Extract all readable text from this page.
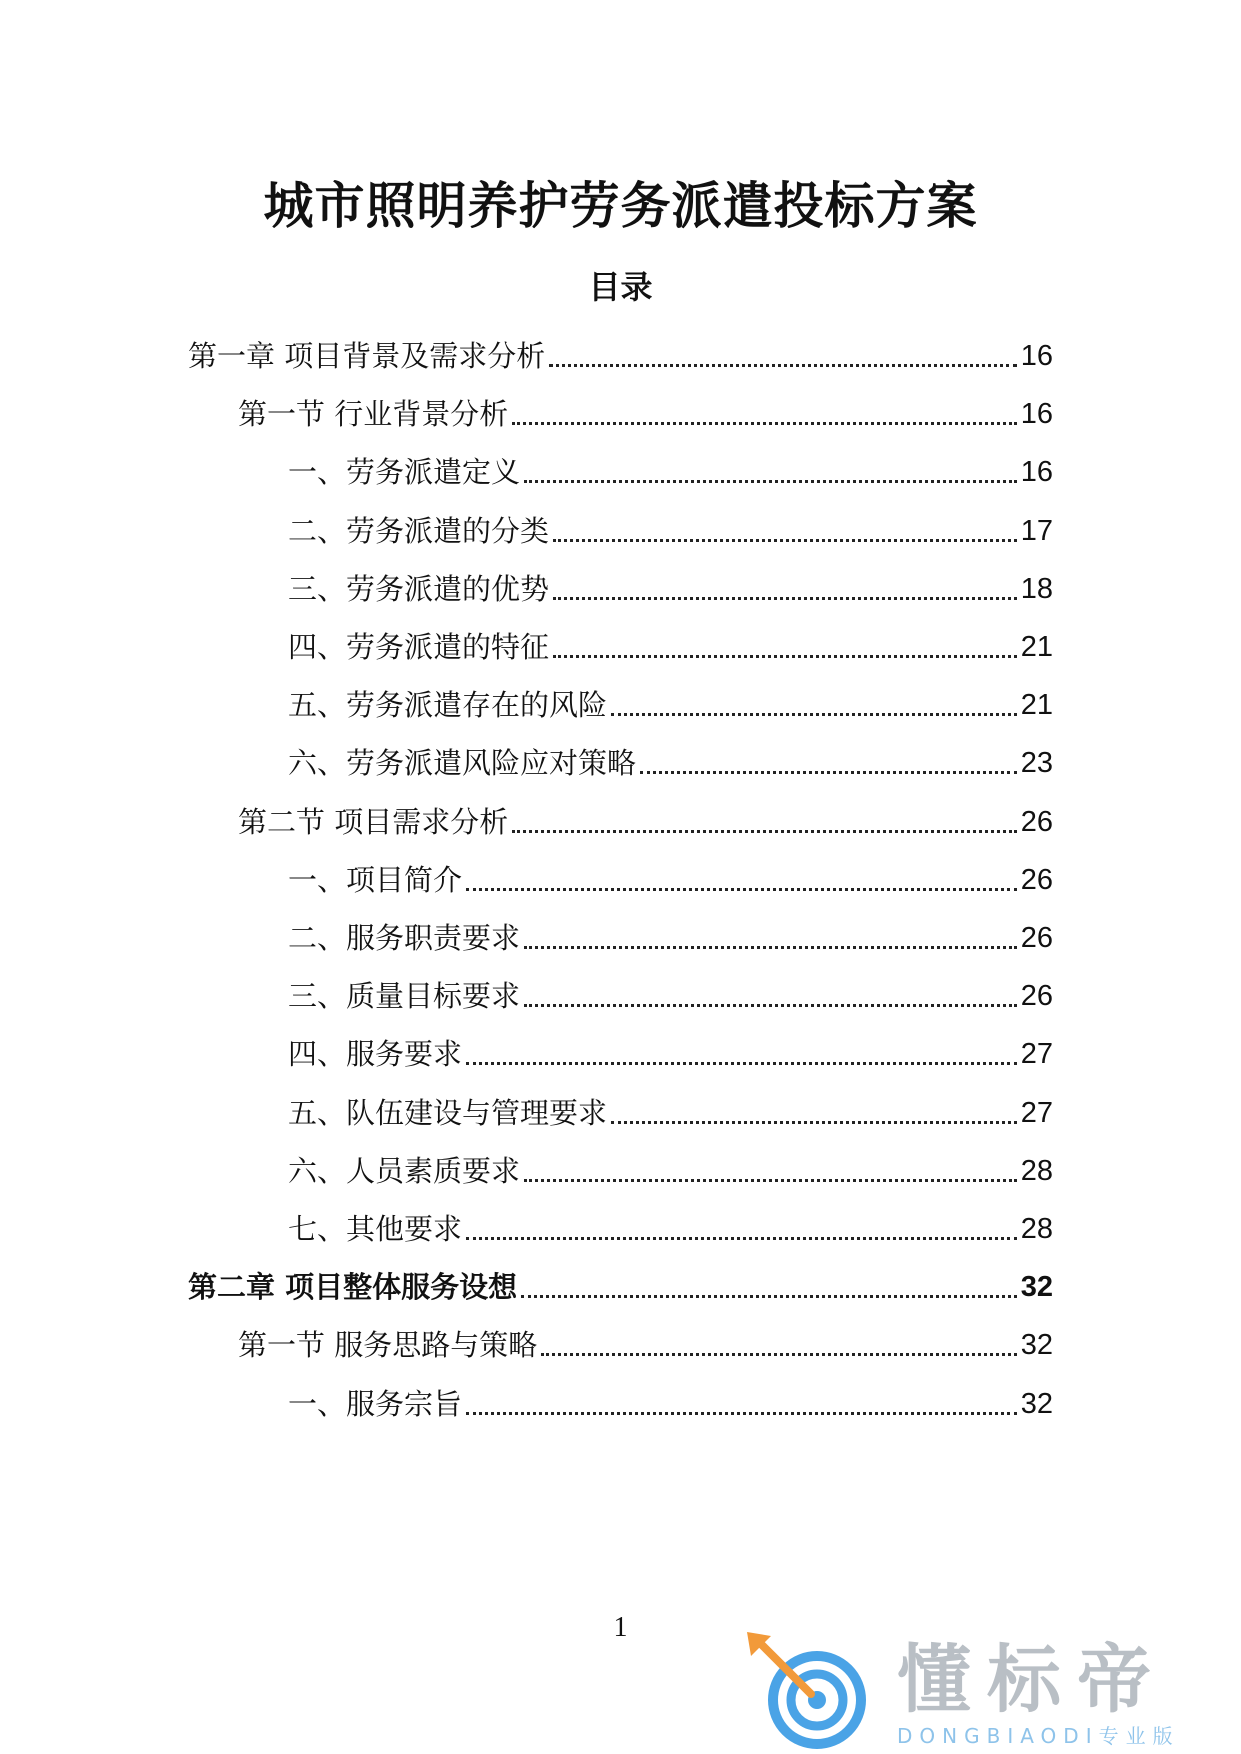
城市照明养护劳务派遣投标方案
目录
第一章 项目背景及需求分析	16
第一节 行业背景分析	16
一、劳务派遣定义	16
二、劳务派遣的分类	17
三、劳务派遣的优势	18
四、劳务派遣的特征	21
五、劳务派遣存在的风险	21
六、劳务派遣风险应对策略	23
第二节 项目需求分析	26
一、项目简介	26
二、服务职责要求	26
三、质量目标要求	26
四、服务要求	27
五、队伍建设与管理要求	27
六、人员素质要求	28
七、其他要求	28
第二章 项目整体服务设想	32
第一节 服务思路与策略	32
一、服务宗旨	32
1
懂标帝
DONGBIAODI专业版
